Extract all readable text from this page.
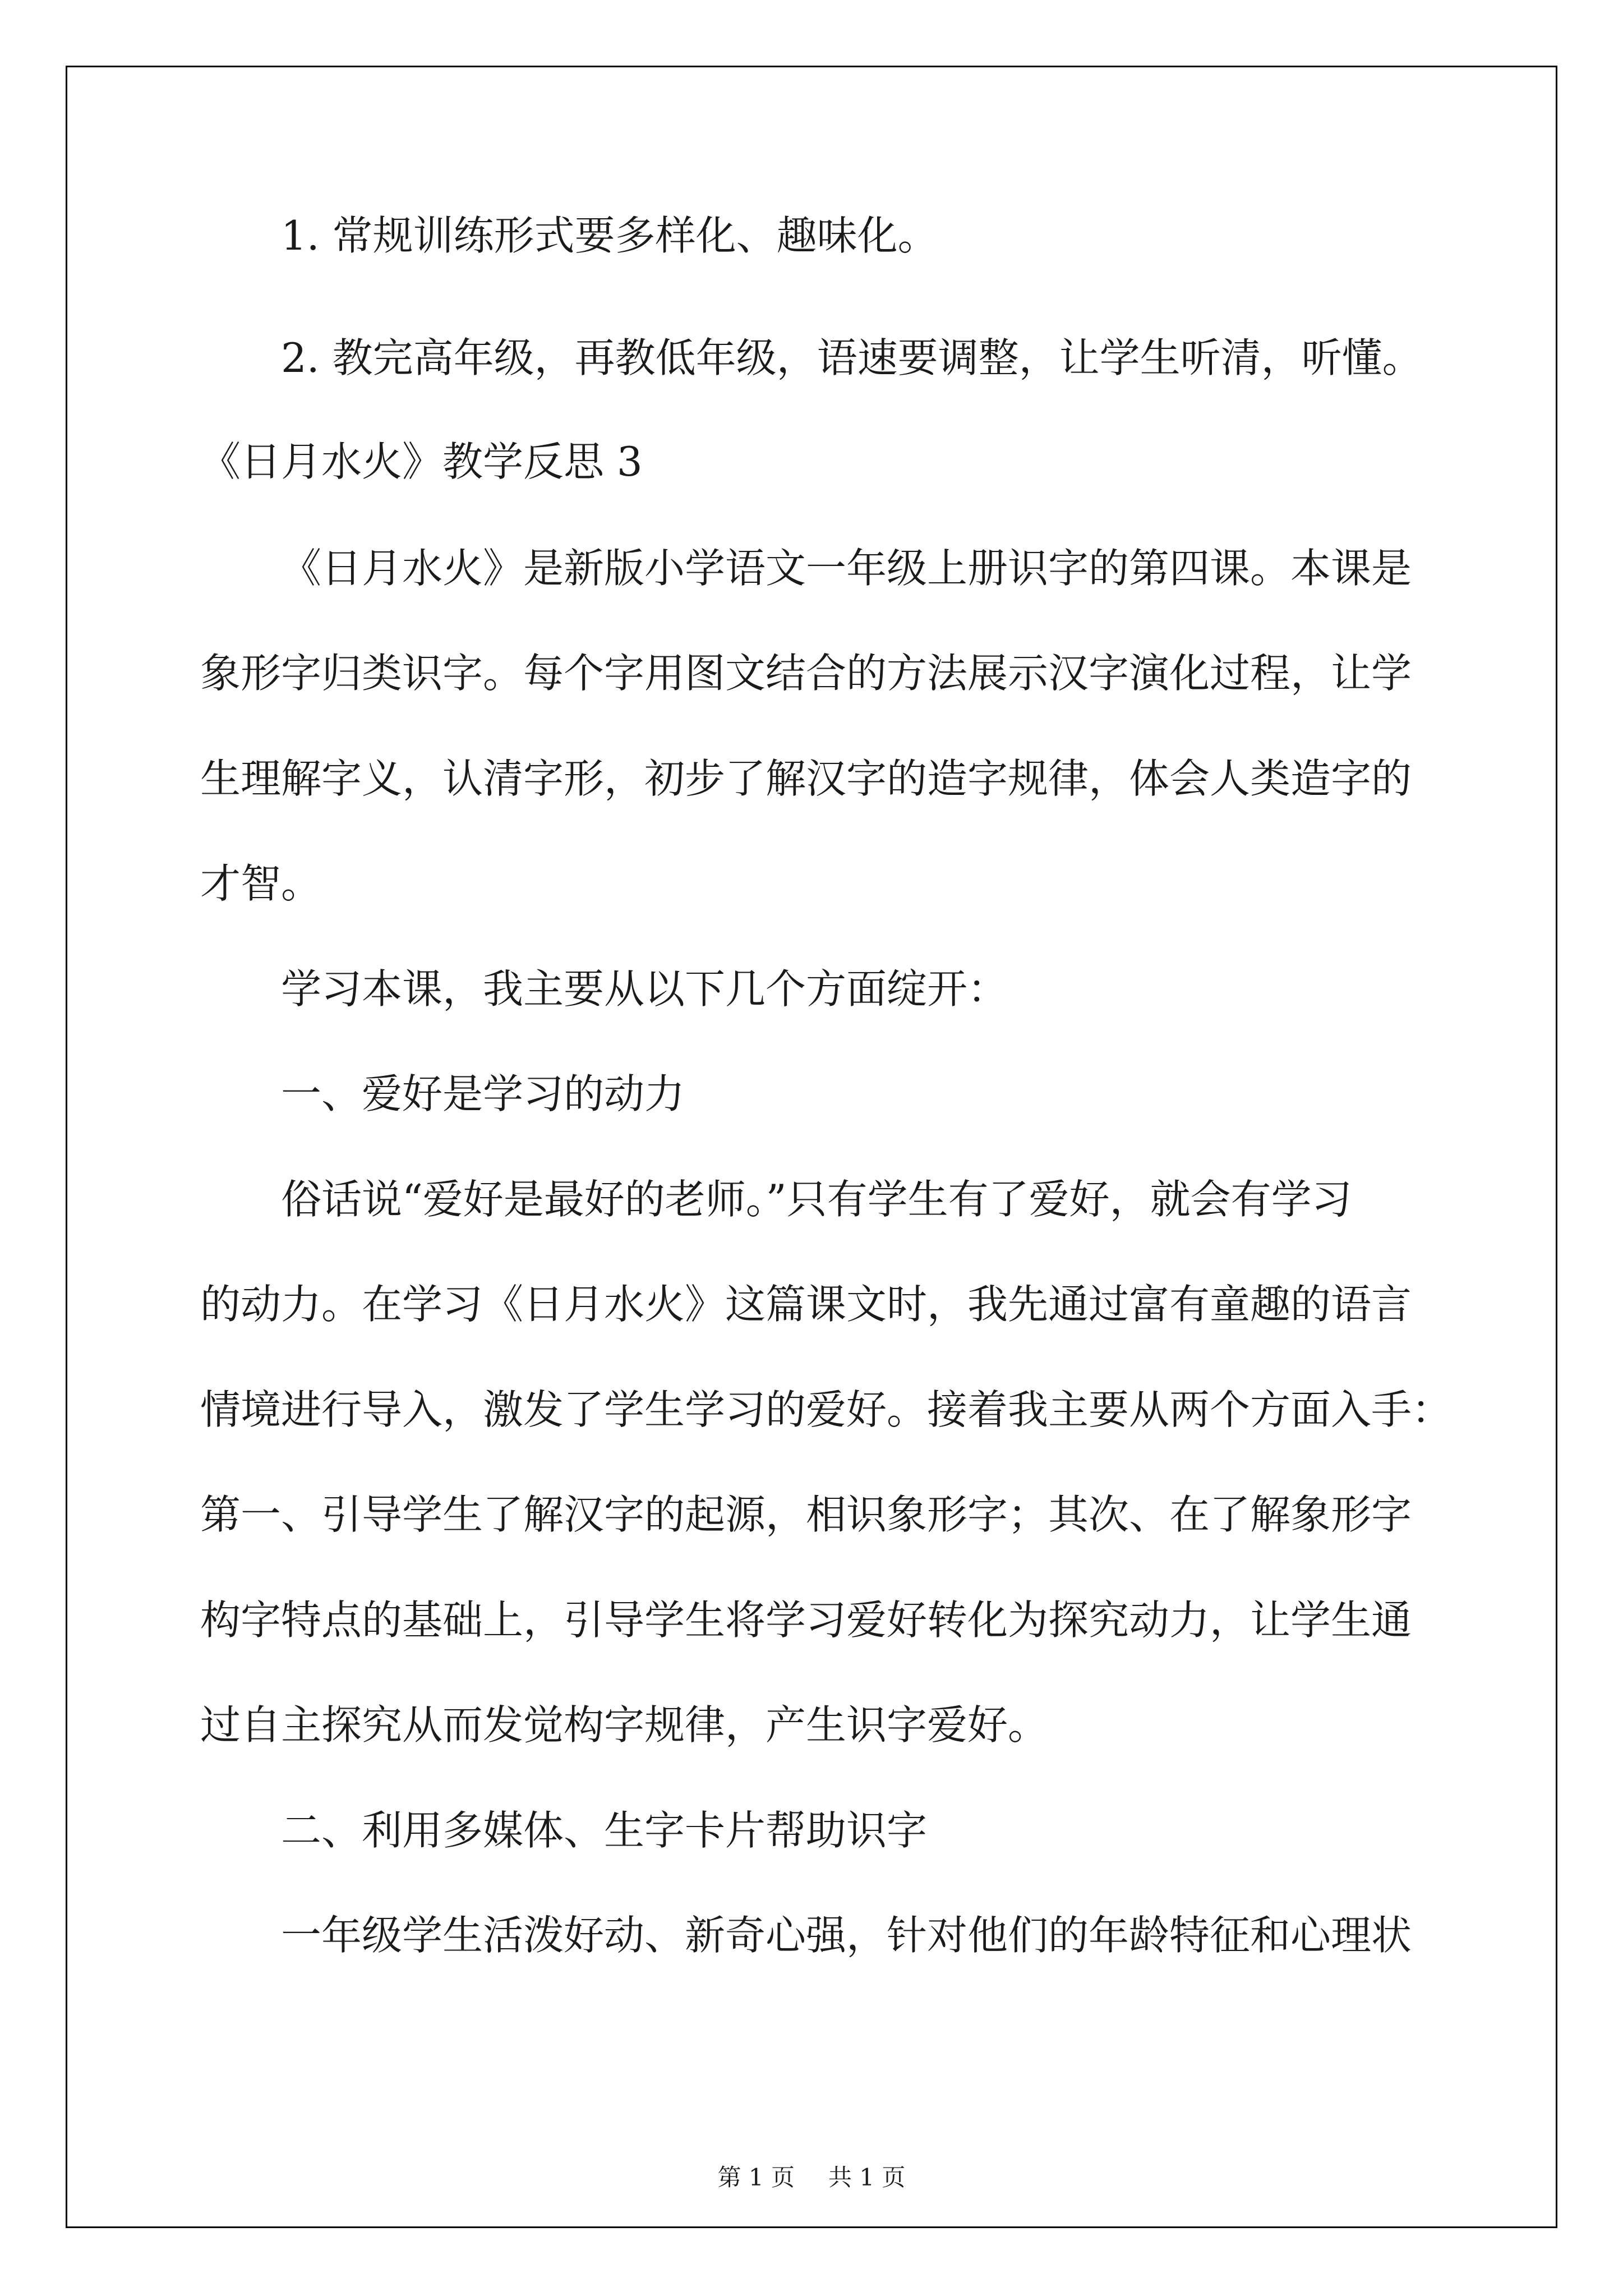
1. 常规训练形式要多样化、趣味化。
2. 教完高年级，再教低年级，语速要调整，让学生听清，听懂。
《日月水火》教学反思 3
《日月水火》是新版小学语文一年级上册识字的第四课。本课是
象形字归类识字。每个字用图文结合的方法展示汉字演化过程，让学
生理解字义，认清字形，初步了解汉字的造字规律，体会人类造字的
才智。
学习本课，我主要从以下几个方面绽开：
一、爱好是学习的动力
俗话说“爱好是最好的老师。”只有学生有了爱好，就会有学习
的动力。在学习《日月水火》这篇课文时，我先通过富有童趣的语言
情境进行导入，激发了学生学习的爱好。接着我主要从两个方面入手：
第一、引导学生了解汉字的起源，相识象形字；其次、在了解象形字
构字特点的基础上，引导学生将学习爱好转化为探究动力，让学生通
过自主探究从而发觉构字规律，产生识字爱好。
二、利用多媒体、生字卡片帮助识字
一年级学生活泼好动、新奇心强，针对他们的年龄特征和心理状
第 1 页 共 1 页
